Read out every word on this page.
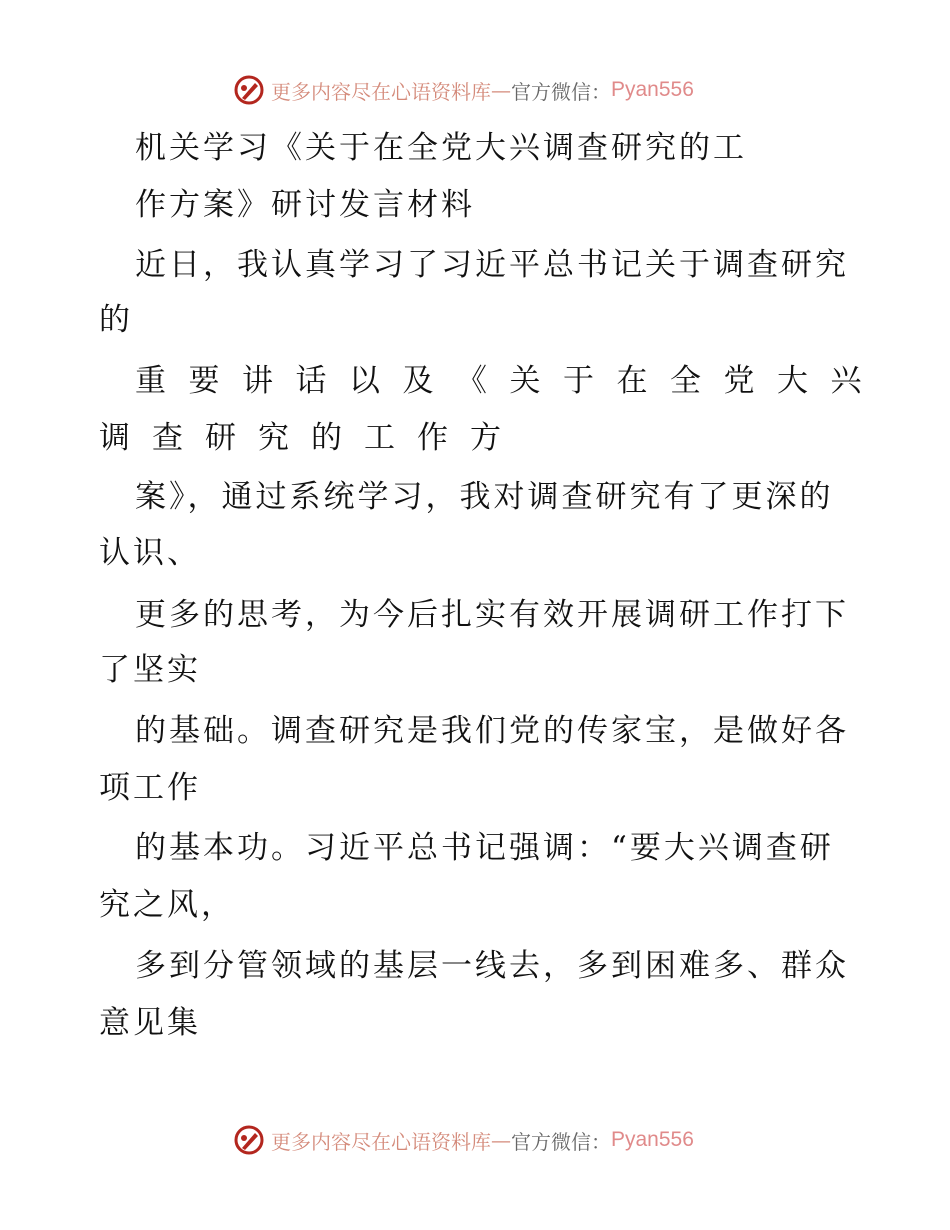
更多内容尽在心语资料库 — 官方微信： Pyan556
机关学习《关于在全党大兴调查研究的工
作方案》研讨发言材料
近日，我认真学习了习近平总书记关于调查研究
的
重要讲话以及《关于在全党大兴
调查研究的工作方
案》，通过系统学习，我对调查研究有了更深的
认识、
更多的思考，为今后扎实有效开展调研工作打下
了坚实
的基础。调查研究是我们党的传家宝，是做好各
项工作
的基本功。习近平总书记强调：“要大兴调查研
究之风，
多到分管领域的基层一线去，多到困难多、群众
意见集
更多内容尽在心语资料库 — 官方微信： Pyan556
